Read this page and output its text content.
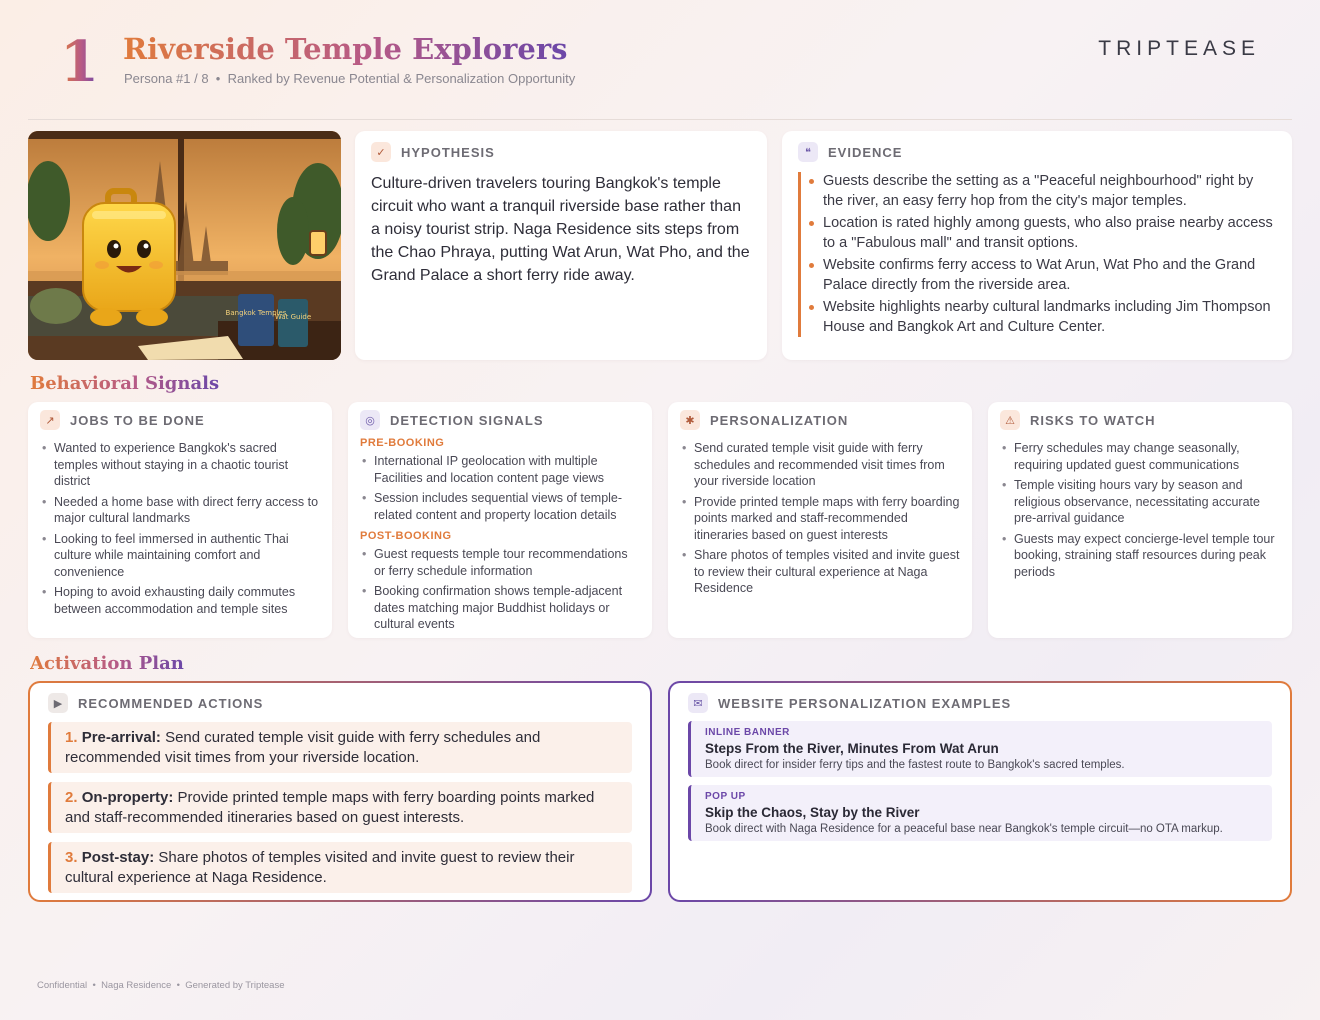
1 Riverside Temple Explorers
Persona #1 / 8  •  Ranked by Revenue Potential & Personalization Opportunity
TRIPTEASE
Bangkok Temples
Wat Guide
✓	HYPOTHESIS
Culture-driven travelers touring Bangkok's temple circuit who want a tranquil riverside base rather than a noisy tourist strip. Naga Residence sits steps from the Chao Phraya, putting Wat Arun, Wat Pho, and the Grand Palace a short ferry ride away.
❝	EVIDENCE
Guests describe the setting as a "Peaceful neighbourhood" right by the river, an easy ferry hop from the city's major temples.
Location is rated highly among guests, who also praise nearby access to a "Fabulous mall" and transit options.
Website confirms ferry access to Wat Arun, Wat Pho and the Grand Palace directly from the riverside area.
Website highlights nearby cultural landmarks including Jim Thompson House and Bangkok Art and Culture Center.
Behavioral Signals
↗	JOBS TO BE DONE
• Wanted to experience Bangkok's sacred temples without staying in a chaotic tourist district
• Needed a home base with direct ferry access to major cultural landmarks
• Looking to feel immersed in authentic Thai culture while maintaining comfort and convenience
• Hoping to avoid exhausting daily commutes between accommodation and temple sites
◎	DETECTION SIGNALS
PRE-BOOKING
• International IP geolocation with multiple Facilities and location content page views
• Session includes sequential views of temple-related content and property location details
POST-BOOKING
• Guest requests temple tour recommendations or ferry schedule information
• Booking confirmation shows temple-adjacent dates matching major Buddhist holidays or cultural events
✱	PERSONALIZATION
• Send curated temple visit guide with ferry schedules and recommended visit times from your riverside location
• Provide printed temple maps with ferry boarding points marked and staff-recommended itineraries based on guest interests
• Share photos of temples visited and invite guest to review their cultural experience at Naga Residence
⚠	RISKS TO WATCH
• Ferry schedules may change seasonally, requiring updated guest communications
• Temple visiting hours vary by season and religious observance, necessitating accurate pre-arrival guidance
• Guests may expect concierge-level temple tour booking, straining staff resources during peak periods
Activation Plan
▶	RECOMMENDED ACTIONS
1. Pre-arrival: Send curated temple visit guide with ferry schedules and recommended visit times from your riverside location.
2. On-property: Provide printed temple maps with ferry boarding points marked and staff-recommended itineraries based on guest interests.
3. Post-stay: Share photos of temples visited and invite guest to review their cultural experience at Naga Residence.
✉	WEBSITE PERSONALIZATION EXAMPLES
INLINE BANNER
Steps From the River, Minutes From Wat Arun
Book direct for insider ferry tips and the fastest route to Bangkok's sacred temples.
POP UP
Skip the Chaos, Stay by the River
Book direct with Naga Residence for a peaceful base near Bangkok's temple circuit—no OTA markup.
Confidential  •  Naga Residence  •  Generated by Triptease
